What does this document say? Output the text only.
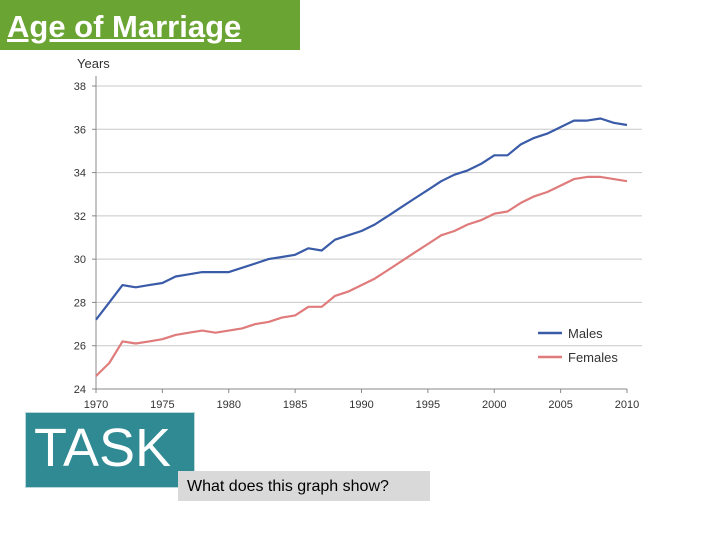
Age of Marriage
24
26
28
30
32
34
36
38
1970	1975	1980	1985	1990	1995	2000	2005	2010
Years
Males
Females
TASK
What does this graph show?
